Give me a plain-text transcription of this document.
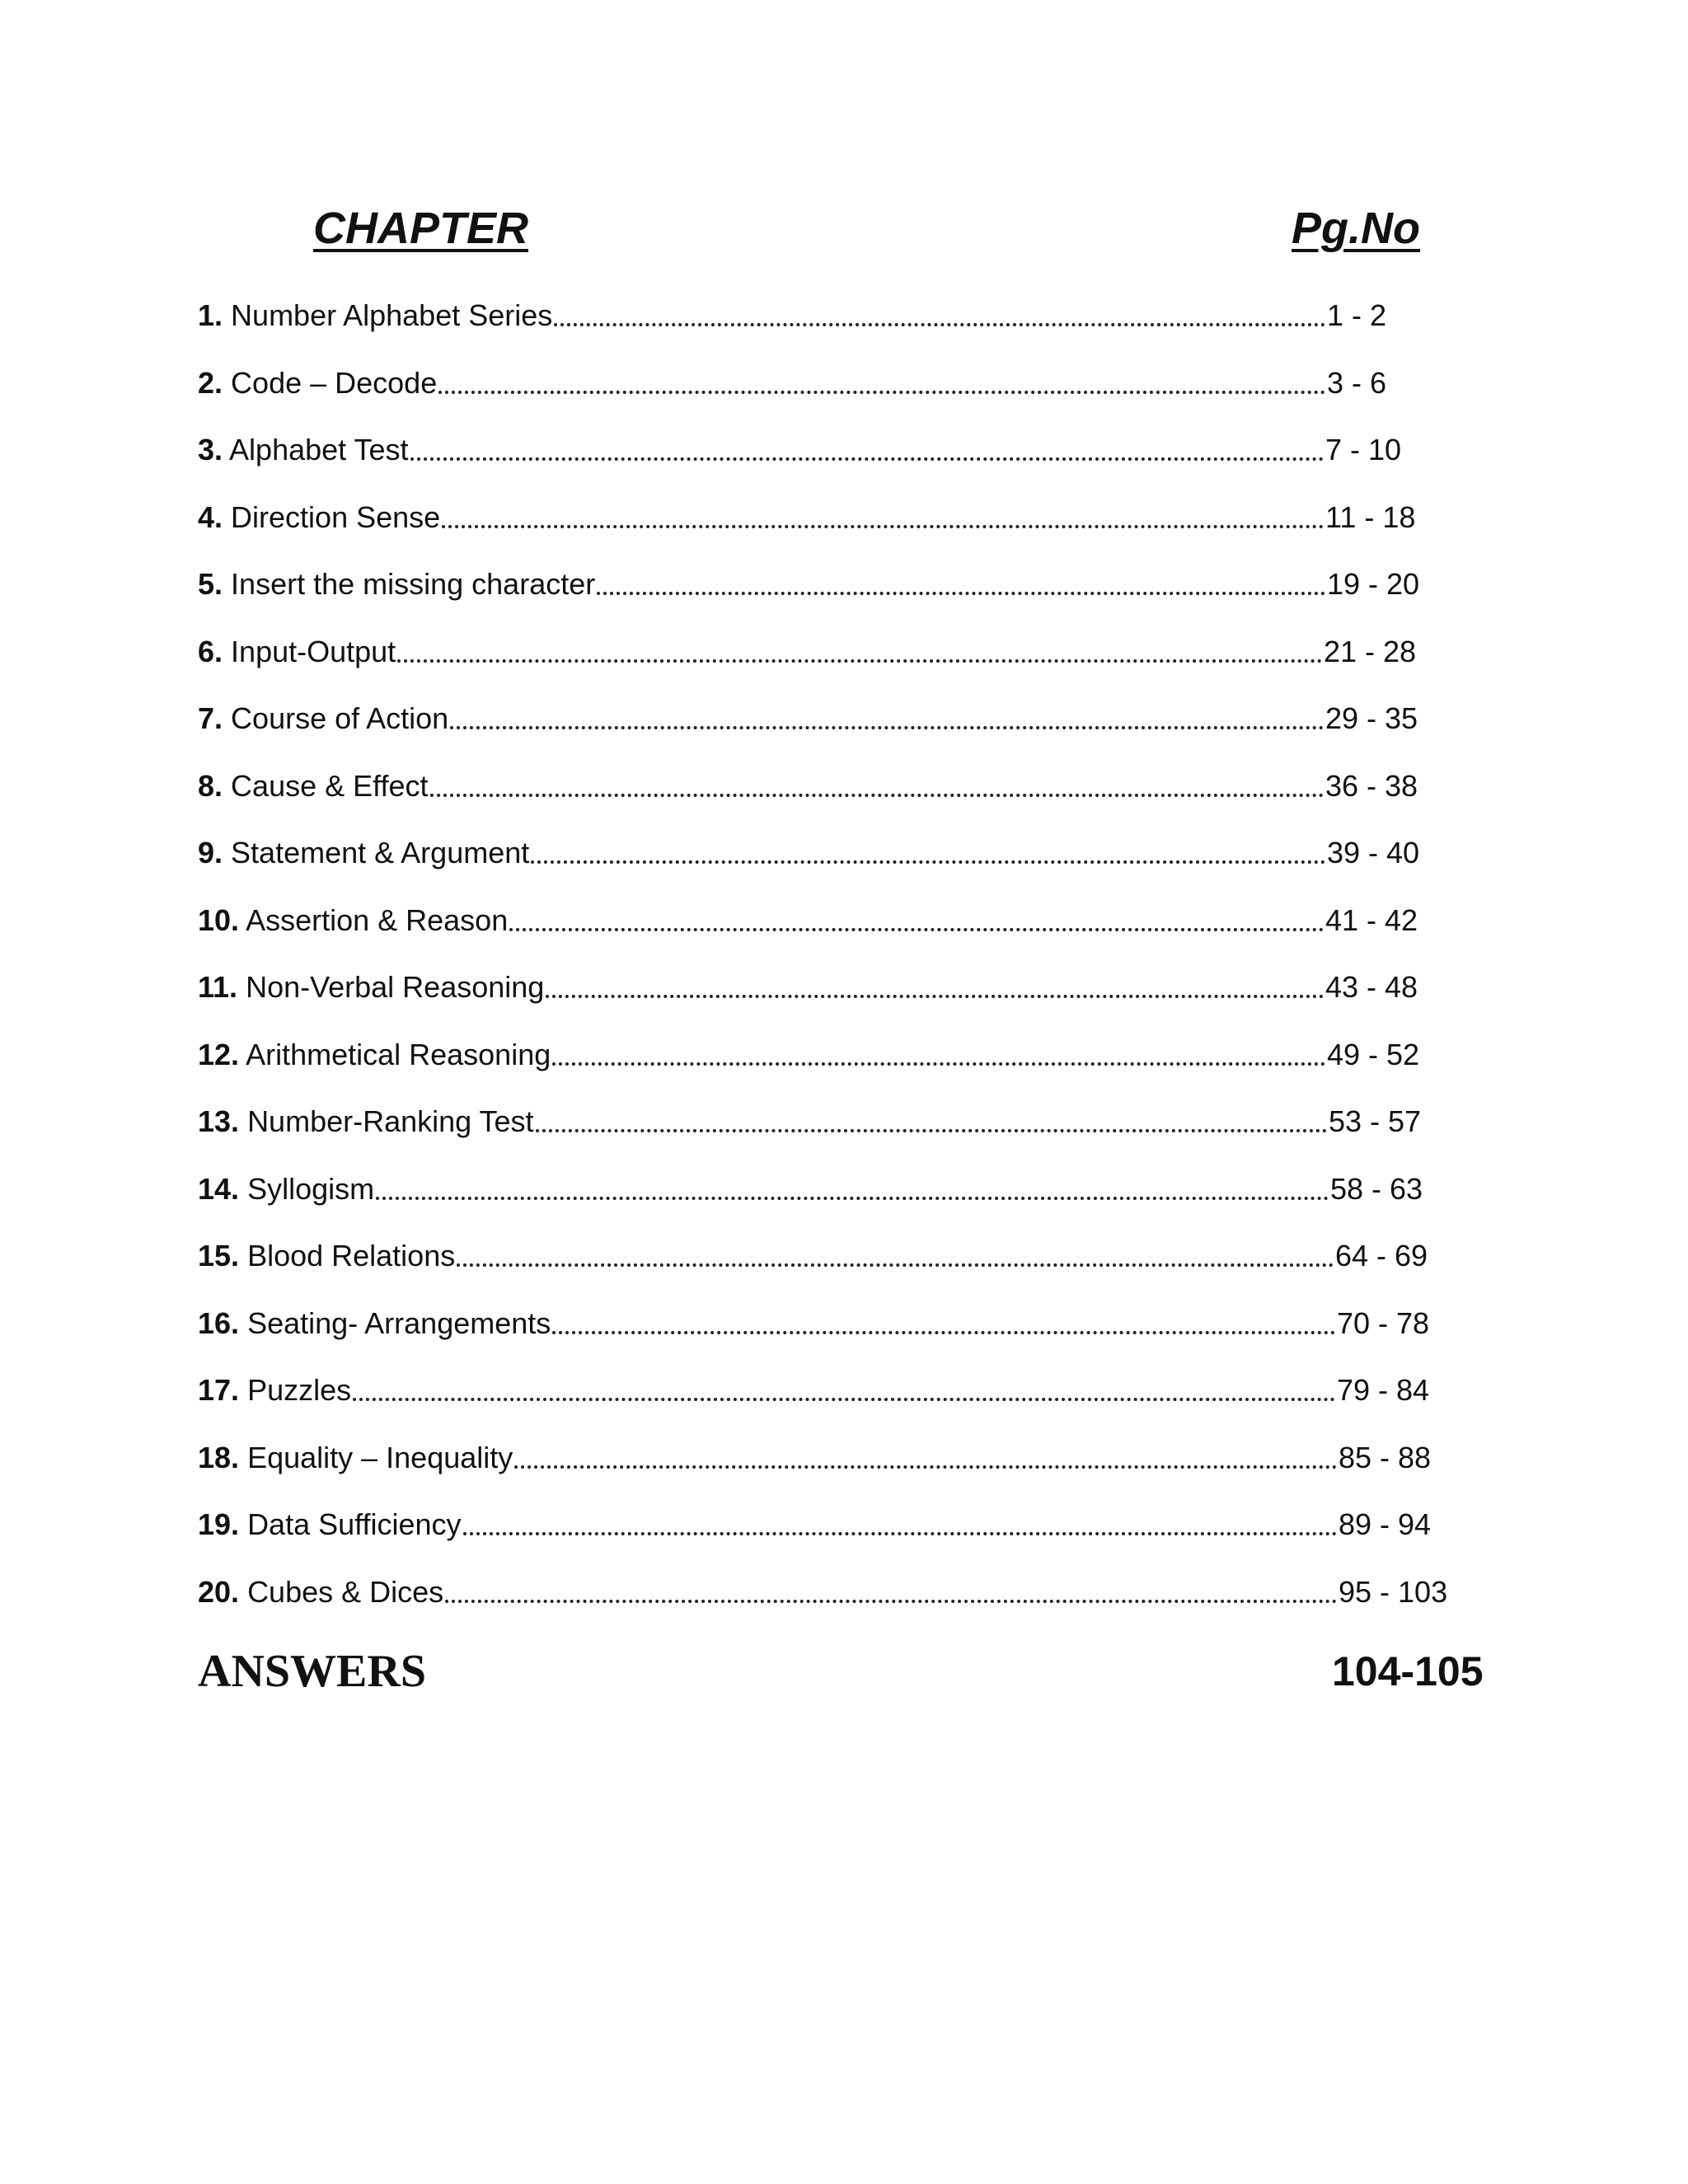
CHAPTER	Pg.No
1. Number Alphabet Series	1 - 2
2. Code – Decode	3 - 6
3. Alphabet Test	7 - 10
4. Direction Sense	11 - 18
5. Insert the missing character	19 - 20
6. Input-Output	21 - 28
7. Course of Action	29 - 35
8. Cause & Effect	36 - 38
9. Statement & Argument	39 - 40
10. Assertion & Reason	41 - 42
11. Non-Verbal Reasoning	43 - 48
12. Arithmetical Reasoning	49 - 52
13. Number-Ranking Test	53 - 57
14. Syllogism	58 - 63
15. Blood Relations	64 - 69
16. Seating- Arrangements	70 - 78
17. Puzzles	79 - 84
18. Equality – Inequality	85 - 88
19. Data Sufficiency	89 - 94
20. Cubes & Dices	95 - 103
ANSWERS	104-105
